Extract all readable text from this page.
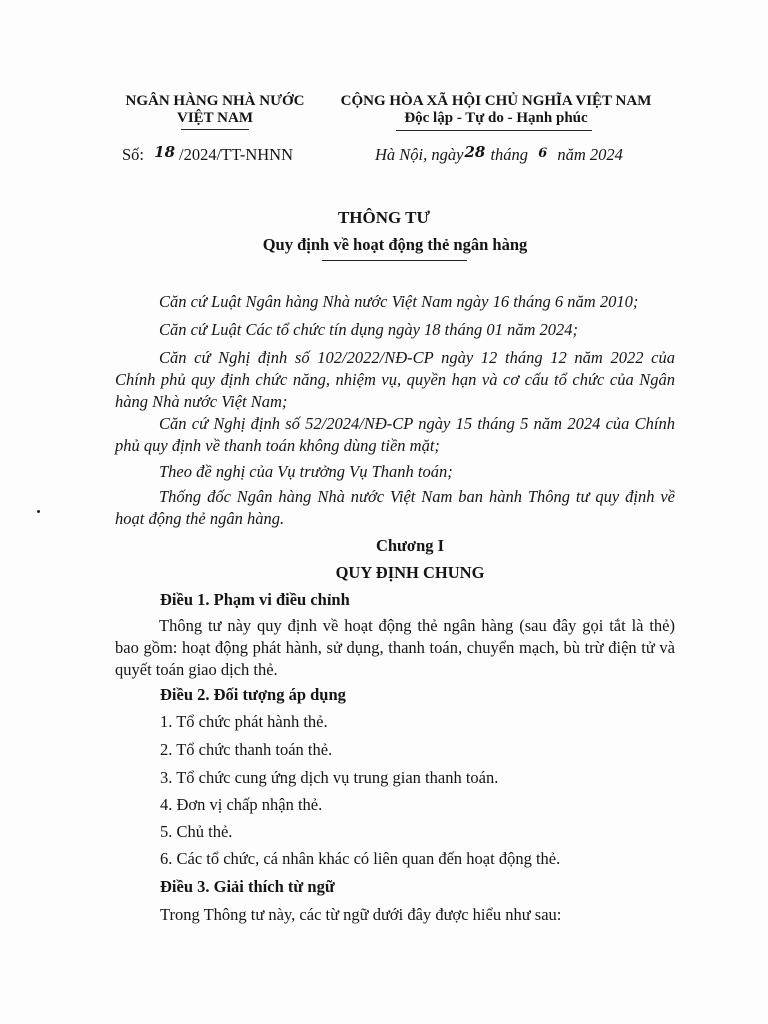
NGÂN HÀNG NHÀ NƯỚC
VIỆT NAM
CỘNG HÒA XÃ HỘI CHỦ NGHĨA VIỆT NAM
Độc lập - Tự do - Hạnh phúc
Số: 18 /2024/TT-NHNN	Hà Nội, ngày28 tháng 6 năm 2024
THÔNG TƯ
Quy định về hoạt động thẻ ngân hàng
Căn cứ Luật Ngân hàng Nhà nước Việt Nam ngày 16 tháng 6 năm 2010;
Căn cứ Luật Các tổ chức tín dụng ngày 18 tháng 01 năm 2024;
Căn cứ Nghị định số 102/2022/NĐ-CP ngày 12 tháng 12 năm 2022 của Chính phủ quy định chức năng, nhiệm vụ, quyền hạn và cơ cấu tổ chức của Ngân hàng Nhà nước Việt Nam;
Căn cứ Nghị định số 52/2024/NĐ-CP ngày 15 tháng 5 năm 2024 của Chính phủ quy định về thanh toán không dùng tiền mặt;
Theo đề nghị của Vụ trưởng Vụ Thanh toán;
Thống đốc Ngân hàng Nhà nước Việt Nam ban hành Thông tư quy định về hoạt động thẻ ngân hàng.
Chương I
QUY ĐỊNH CHUNG
Điều 1. Phạm vi điều chỉnh
Thông tư này quy định về hoạt động thẻ ngân hàng (sau đây gọi tắt là thẻ) bao gồm: hoạt động phát hành, sử dụng, thanh toán, chuyển mạch, bù trừ điện tử và quyết toán giao dịch thẻ.
Điều 2. Đối tượng áp dụng
1. Tổ chức phát hành thẻ.
2. Tổ chức thanh toán thẻ.
3. Tổ chức cung ứng dịch vụ trung gian thanh toán.
4. Đơn vị chấp nhận thẻ.
5. Chủ thẻ.
6. Các tổ chức, cá nhân khác có liên quan đến hoạt động thẻ.
Điều 3. Giải thích từ ngữ
Trong Thông tư này, các từ ngữ dưới đây được hiểu như sau:
